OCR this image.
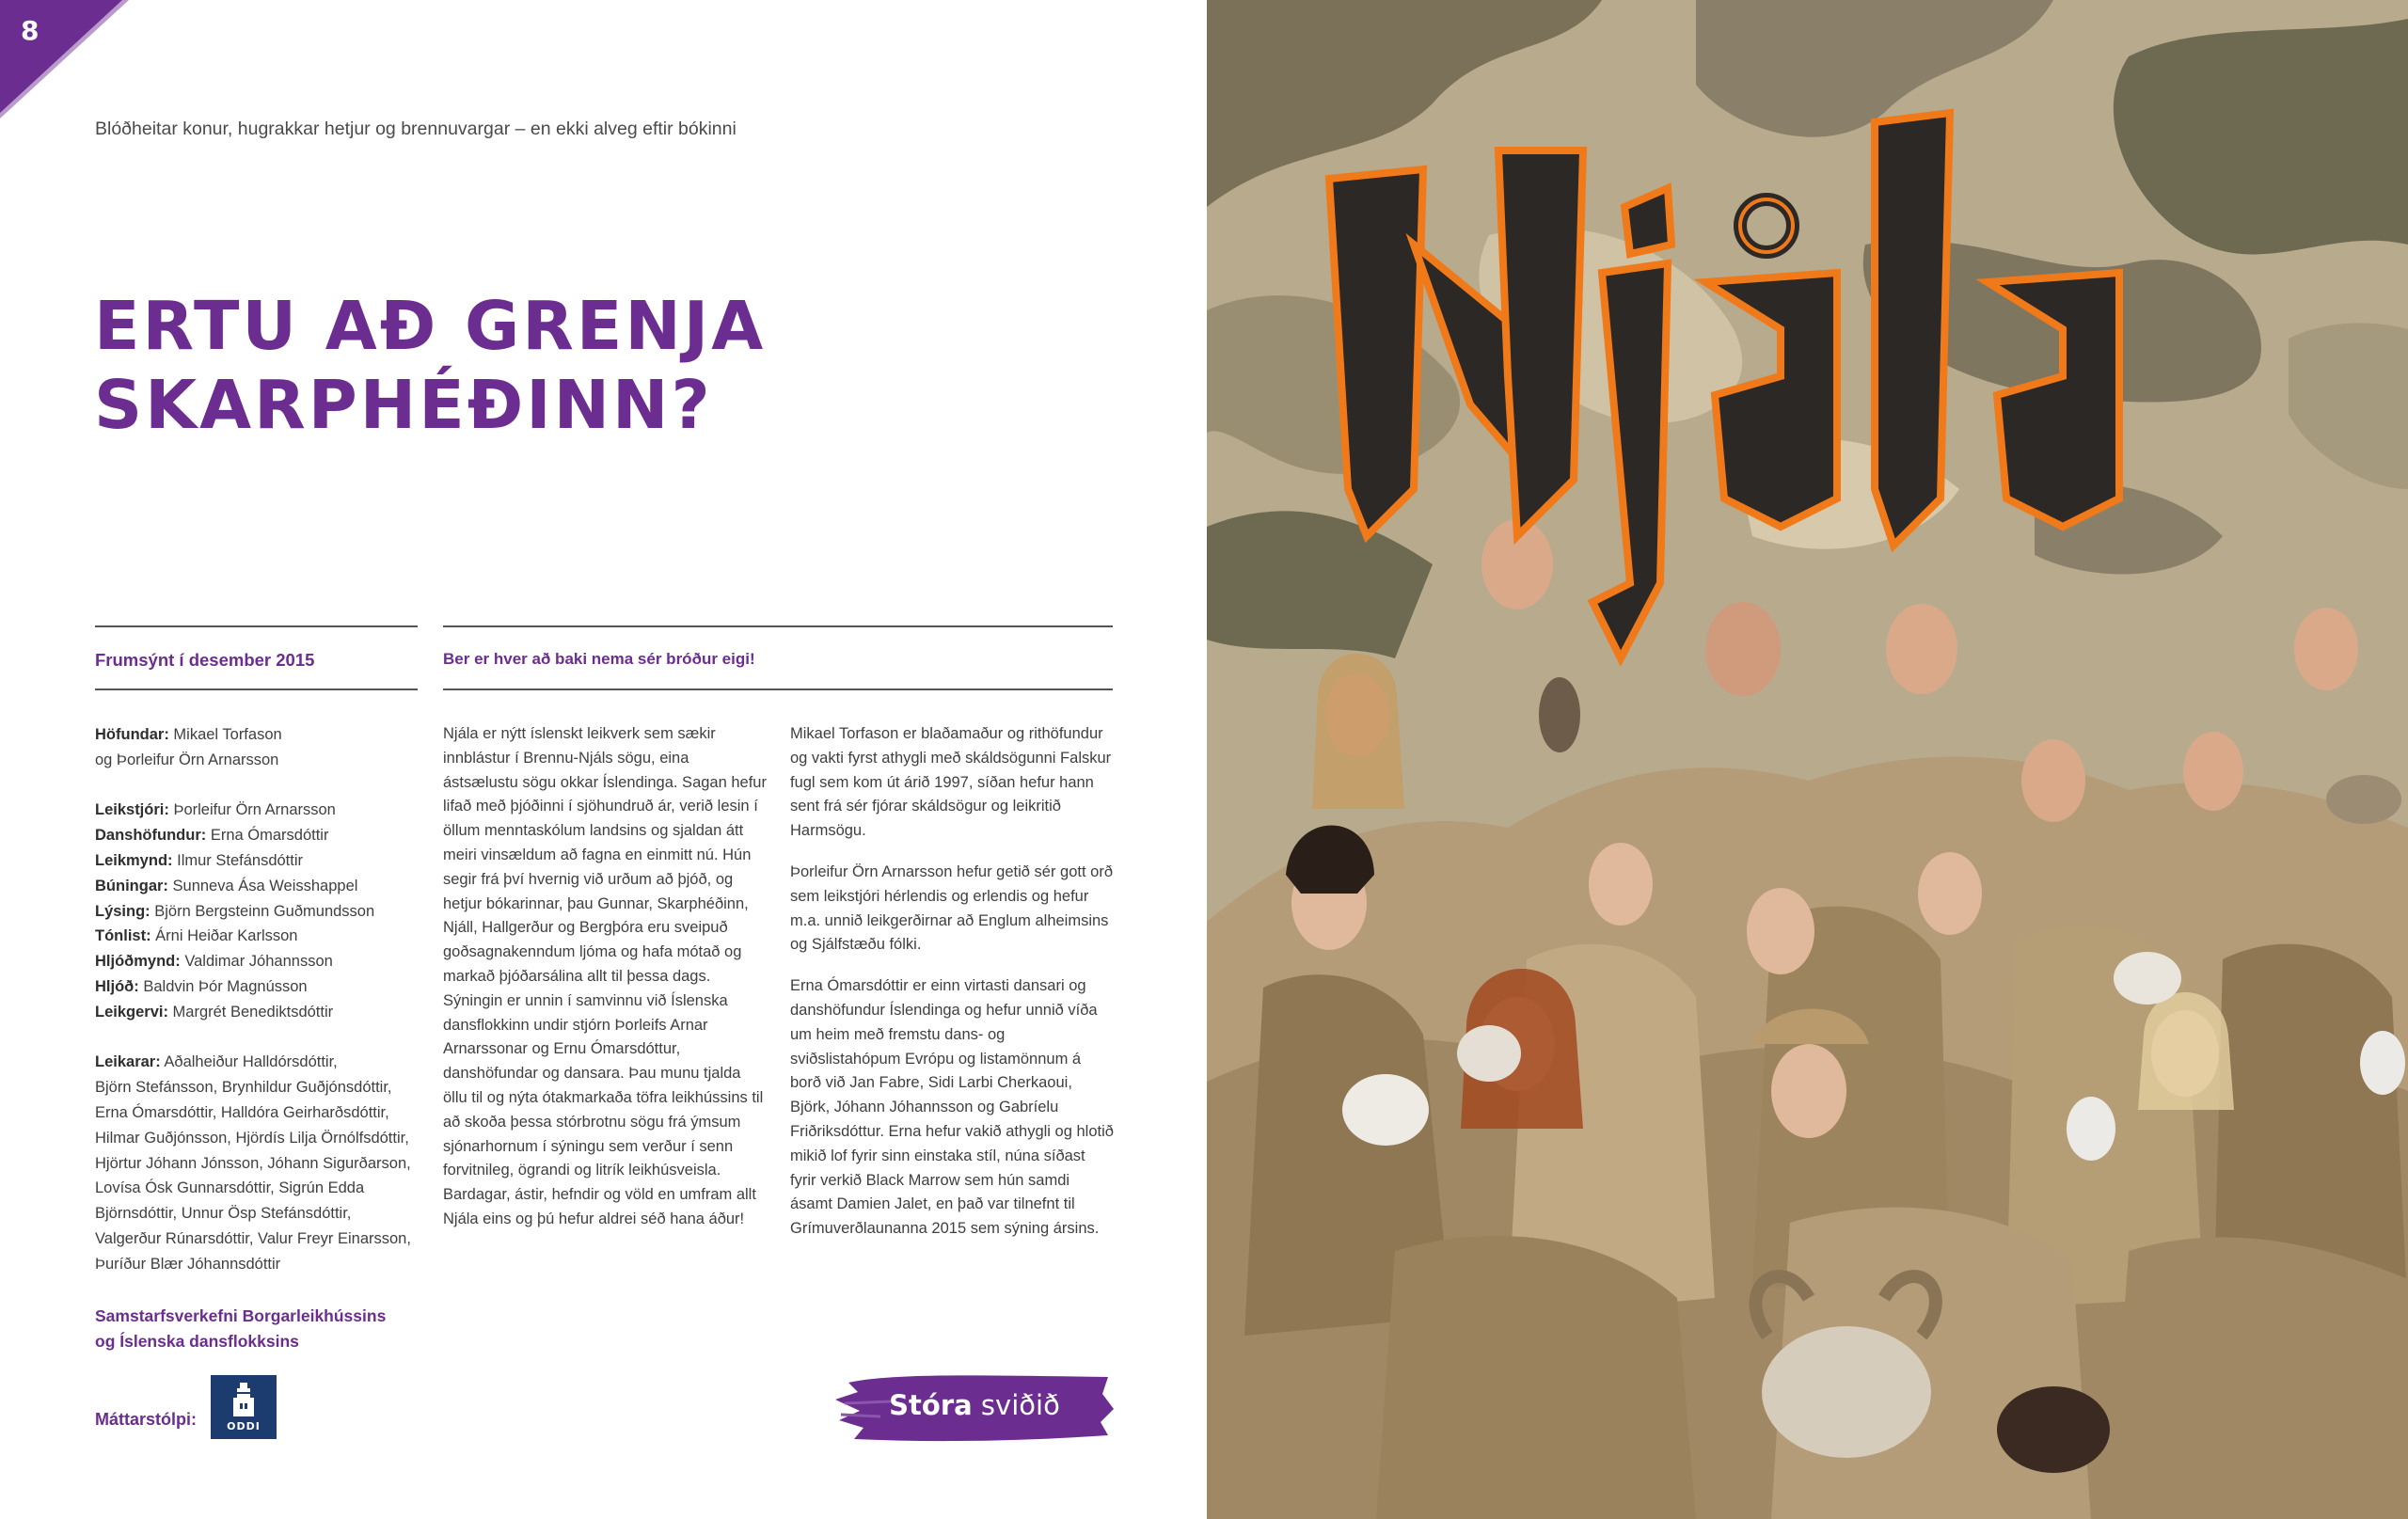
8
Blóðheitar konur, hugrakkar hetjur og brennuvargar – en ekki alveg eftir bókinni
ERTU AÐ GRENJA
SKARPHÉÐINN?
Frumsýnt í desember 2015	Ber er hver að baki nema sér bróður eigi!
Höfundar: Mikael Torfason
og Þorleifur Örn Arnarsson
Leikstjóri: Þorleifur Örn Arnarsson
Danshöfundur: Erna Ómarsdóttir
Leikmynd: Ilmur Stefánsdóttir
Búningar: Sunneva Ása Weisshappel
Lýsing: Björn Bergsteinn Guðmundsson
Tónlist: Árni Heiðar Karlsson
Hljóðmynd: Valdimar Jóhannsson
Hljóð: Baldvin Þór Magnússon
Leikgervi: Margrét Benediktsdóttir
Leikarar: Aðalheiður Halldórsdóttir,
Björn Stefánsson, Brynhildur Guðjónsdóttir,
Erna Ómarsdóttir, Halldóra Geirharðsdóttir,
Hilmar Guðjónsson, Hjördís Lilja Örnólfsdóttir,
Hjörtur Jóhann Jónsson, Jóhann Sigurðarson,
Lovísa Ósk Gunnarsdóttir, Sigrún Edda
Björnsdóttir, Unnur Ösp Stefánsdóttir,
Valgerður Rúnarsdóttir, Valur Freyr Einarsson,
Þuríður Blær Jóhannsdóttir
Samstarfsverkefni Borgarleikhússins
og Íslenska dansflokksins
Máttarstólpi:	ODDI

Njála er nýtt íslenskt leikverk sem sækir innblástur í Brennu-Njáls sögu, eina ástsælustu sögu okkar Íslendinga. Sagan hefur lifað með þjóðinni í sjöhundruð ár, verið lesin í öllum menntaskólum landsins og sjaldan átt meiri vinsældum að fagna en einmitt nú. Hún segir frá því hvernig við urðum að þjóð, og hetjur bókarinnar, þau Gunnar, Skarphéðinn, Njáll, Hallgerður og Bergþóra eru sveipuð goðsagnakenndum ljóma og hafa mótað og markað þjóðarsálina allt til þessa dags. Sýningin er unnin í samvinnu við Íslenska dansflokkinn undir stjórn Þorleifs Arnar Arnarssonar og Ernu Ómarsdóttur, danshöfundar og dansara. Þau munu tjalda öllu til og nýta ótakmarkaða töfra leikhússins til að skoða þessa stórbrotnu sögu frá ýmsum sjónarhornum í sýningu sem verður í senn forvitnileg, ögrandi og litrík leikhúsveisla. Bardagar, ástir, hefndir og völd en umfram allt Njála eins og þú hefur aldrei séð hana áður!

Mikael Torfason er blaðamaður og rithöfundur og vakti fyrst athygli með skáldsögunni Falskur fugl sem kom út árið 1997, síðan hefur hann sent frá sér fjórar skáldsögur og leikritið Harmsögu.

Þorleifur Örn Arnarsson hefur getið sér gott orð sem leikstjóri hérlendis og erlendis og hefur m.a. unnið leikgerðirnar að Englum alheimsins og Sjálfstæðu fólki.

Erna Ómarsdóttir er einn virtasti dansari og danshöfundur Íslendinga og hefur unnið víða um heim með fremstu dans- og sviðslistahópum Evrópu og listamönnum á borð við Jan Fabre, Sidi Larbi Cherkaoui, Björk, Jóhann Jóhannsson og Gabríelu Friðriksdóttur. Erna hefur vakið athygli og hlotið mikið lof fyrir sinn einstaka stíl, núna síðast fyrir verkið Black Marrow sem hún samdi ásamt Damien Jalet, en það var tilnefnt til Grímuverðlaunanna 2015 sem sýning ársins.

Stóra sviðið
